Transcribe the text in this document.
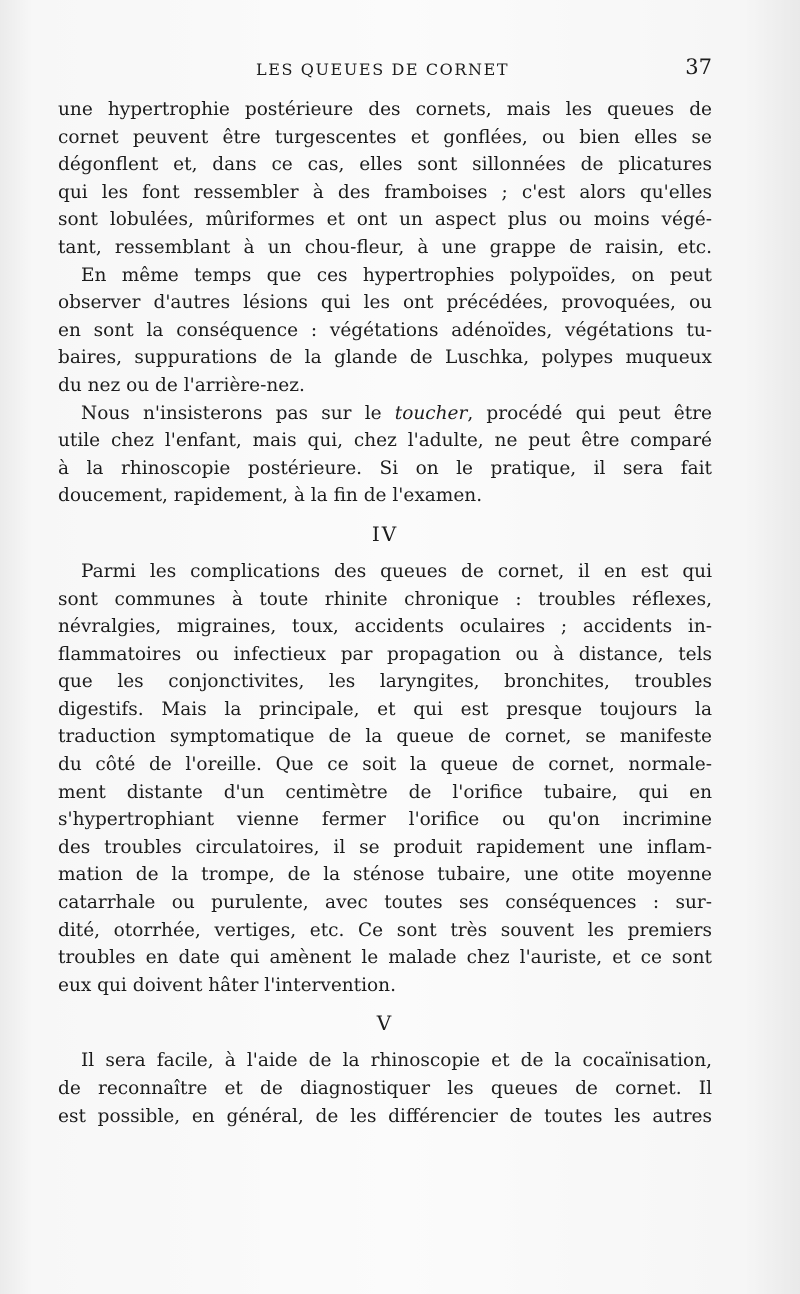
LES QUEUES DE CORNET	37
une hypertrophie postérieure des cornets, mais les queues de
cornet peuvent être turgescentes et gonflées, ou bien elles se
dégonflent et, dans ce cas, elles sont sillonnées de plicatures
qui les font ressembler à des framboises ; c'est alors qu'elles
sont lobulées, mûriformes et ont un aspect plus ou moins végé-
tant, ressemblant à un chou-fleur, à une grappe de raisin, etc.
En même temps que ces hypertrophies polypoïdes, on peut
observer d'autres lésions qui les ont précédées, provoquées, ou
en sont la conséquence : végétations adénoïdes, végétations tu-
baires, suppurations de la glande de Luschka, polypes muqueux
du nez ou de l'arrière-nez.
Nous n'insisterons pas sur le toucher, procédé qui peut être
utile chez l'enfant, mais qui, chez l'adulte, ne peut être comparé
à la rhinoscopie postérieure. Si on le pratique, il sera fait
doucement, rapidement, à la fin de l'examen.
IV
Parmi les complications des queues de cornet, il en est qui
sont communes à toute rhinite chronique : troubles réflexes,
névralgies, migraines, toux, accidents oculaires ; accidents in-
flammatoires ou infectieux par propagation ou à distance, tels
que les conjonctivites, les laryngites, bronchites, troubles
digestifs. Mais la principale, et qui est presque toujours la
traduction symptomatique de la queue de cornet, se manifeste
du côté de l'oreille. Que ce soit la queue de cornet, normale-
ment distante d'un centimètre de l'orifice tubaire, qui en
s'hypertrophiant vienne fermer l'orifice ou qu'on incrimine
des troubles circulatoires, il se produit rapidement une inflam-
mation de la trompe, de la sténose tubaire, une otite moyenne
catarrhale ou purulente, avec toutes ses conséquences : sur-
dité, otorrhée, vertiges, etc. Ce sont très souvent les premiers
troubles en date qui amènent le malade chez l'auriste, et ce sont
eux qui doivent hâter l'intervention.
V
Il sera facile, à l'aide de la rhinoscopie et de la cocaïnisation,
de reconnaître et de diagnostiquer les queues de cornet. Il
est possible, en général, de les différencier de toutes les autres
